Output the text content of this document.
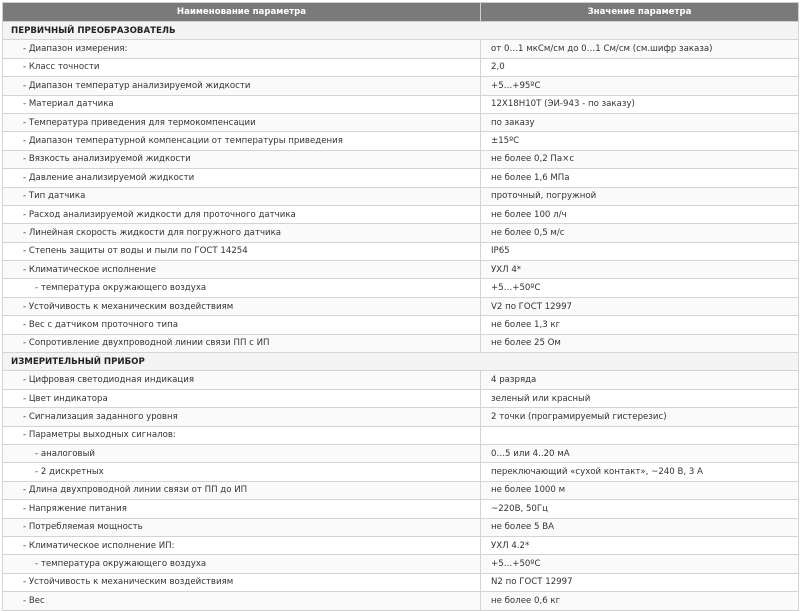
Наименование параметра	Значение параметра
ПЕРВИЧНЫЙ ПРЕОБРАЗОВАТЕЛЬ	
- Диапазон измерения:	от 0…1 мкСм/см до 0…1 См/см (см.шифр заказа)
- Класс точности	2,0
- Диапазон температур анализируемой жидкости	+5…+95ºC
- Материал датчика	12Х18Н10Т (ЭИ-943 - по заказу)
- Температура приведения для термокомпенсации	по заказу
- Диапазон температурной компенсации от температуры приведения	±15ºC
- Вязкость анализируемой жидкости	не более 0,2 Па×с
- Давление анализируемой жидкости	не более 1,6 МПа
- Тип датчика	проточный, погружной
- Расход анализируемой жидкости для проточного датчика	не более 100 л/ч
- Линейная скорость жидкости для погружного датчика	не более 0,5 м/с
- Степень защиты от воды и пыли по ГОСТ 14254	IP65
- Климатическое исполнение	УХЛ 4*
- температура окружающего воздуха	+5…+50ºC
- Устойчивость к механическим воздействиям	V2 по ГОСТ 12997
- Вес с датчиком проточного типа	не более 1,3 кг
- Сопротивление двухпроводной линии связи ПП с ИП	не более 25 Ом
ИЗМЕРИТЕЛЬНЫЙ ПРИБОР	
- Цифровая светодиодная индикация	4 разряда
- Цвет индикатора	зеленый или красный
- Сигнализация заданного уровня	2 точки (програмируемый гистерезис)
- Параметры выходных сигналов:	
- аналоговый	0…5 или 4..20 мА
- 2 дискретных	переключающий «сухой контакт», ~240 В, 3 А
- Длина двухпроводной линии связи от ПП до ИП	не более 1000 м
- Напряжение питания	~220В, 50Гц
- Потребляемая мощность	не более 5 ВА
- Климатическое исполнение ИП:	УХЛ 4.2*
- температура окружающего воздуха	+5…+50ºC
- Устойчивость к механическим воздействиям	N2 по ГОСТ 12997
- Вес	не более 0,6 кг
